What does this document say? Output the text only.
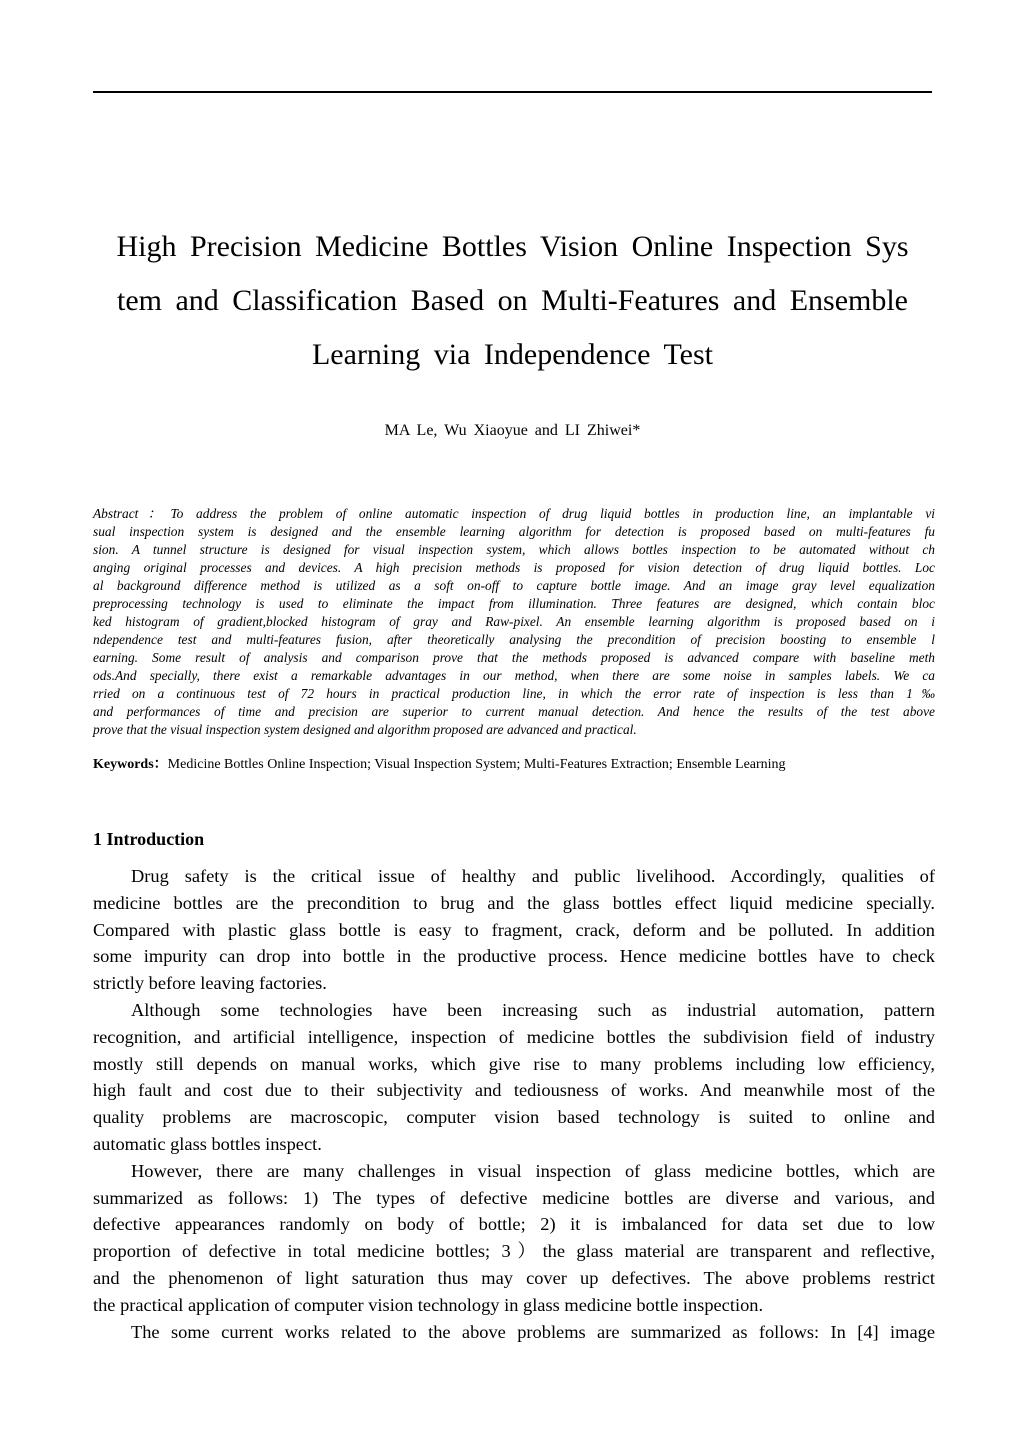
High Precision Medicine Bottles Vision Online Inspection Sys
tem and Classification Based on Multi-Features and Ensemble
Learning via Independence Test
MA Le, Wu Xiaoyue and LI Zhiwei*
Abstract：To address the problem of online automatic inspection of drug liquid bottles in production line, an implantable vi
sual inspection system is designed and the ensemble learning algorithm for detection is proposed based on multi-features fu
sion. A tunnel structure is designed for visual inspection system, which allows bottles inspection to be automated without ch
anging original processes and devices. A high precision methods is proposed for vision detection of drug liquid bottles. Loc
al background difference method is utilized as a soft on-off to capture bottle image. And an image gray level equalization
preprocessing technology is used to eliminate the impact from illumination. Three features are designed, which contain bloc
ked histogram of gradient,blocked histogram of gray and Raw-pixel. An ensemble learning algorithm is proposed based on i
ndependence test and multi-features fusion, after theoretically analysing the precondition of precision boosting to ensemble l
earning. Some result of analysis and comparison prove that the methods proposed is advanced compare with baseline meth
ods.And specially, there exist a remarkable advantages in our method, when there are some noise in samples labels. We ca
rried on a continuous test of 72 hours in practical production line, in which the error rate of inspection is less than 1‰
and performances of time and precision are superior to current manual detection. And hence the results of the test above
prove that the visual inspection system designed and algorithm proposed are advanced and practical.
Keywords：Medicine Bottles Online Inspection; Visual Inspection System; Multi-Features Extraction; Ensemble Learning
1 Introduction
Drug safety is the critical issue of healthy and public livelihood. Accordingly, qualities of
medicine bottles are the precondition to brug and the glass bottles effect liquid medicine specially.
Compared with plastic glass bottle is easy to fragment, crack, deform and be polluted. In addition
some impurity can drop into bottle in the productive process. Hence medicine bottles have to check
strictly before leaving factories.
Although some technologies have been increasing such as industrial automation, pattern
recognition, and artificial intelligence, inspection of medicine bottles the subdivision field of industry
mostly still depends on manual works, which give rise to many problems including low efficiency,
high fault and cost due to their subjectivity and tediousness of works. And meanwhile most of the
quality problems are macroscopic, computer vision based technology is suited to online and
automatic glass bottles inspect.
However, there are many challenges in visual inspection of glass medicine bottles, which are
summarized as follows: 1) The types of defective medicine bottles are diverse and various, and
defective appearances randomly on body of bottle; 2) it is imbalanced for data set due to low
proportion of defective in total medicine bottles; 3）the glass material are transparent and reflective,
and the phenomenon of light saturation thus may cover up defectives. The above problems restrict
the practical application of computer vision technology in glass medicine bottle inspection.
The some current works related to the above problems are summarized as follows: In [4] image
